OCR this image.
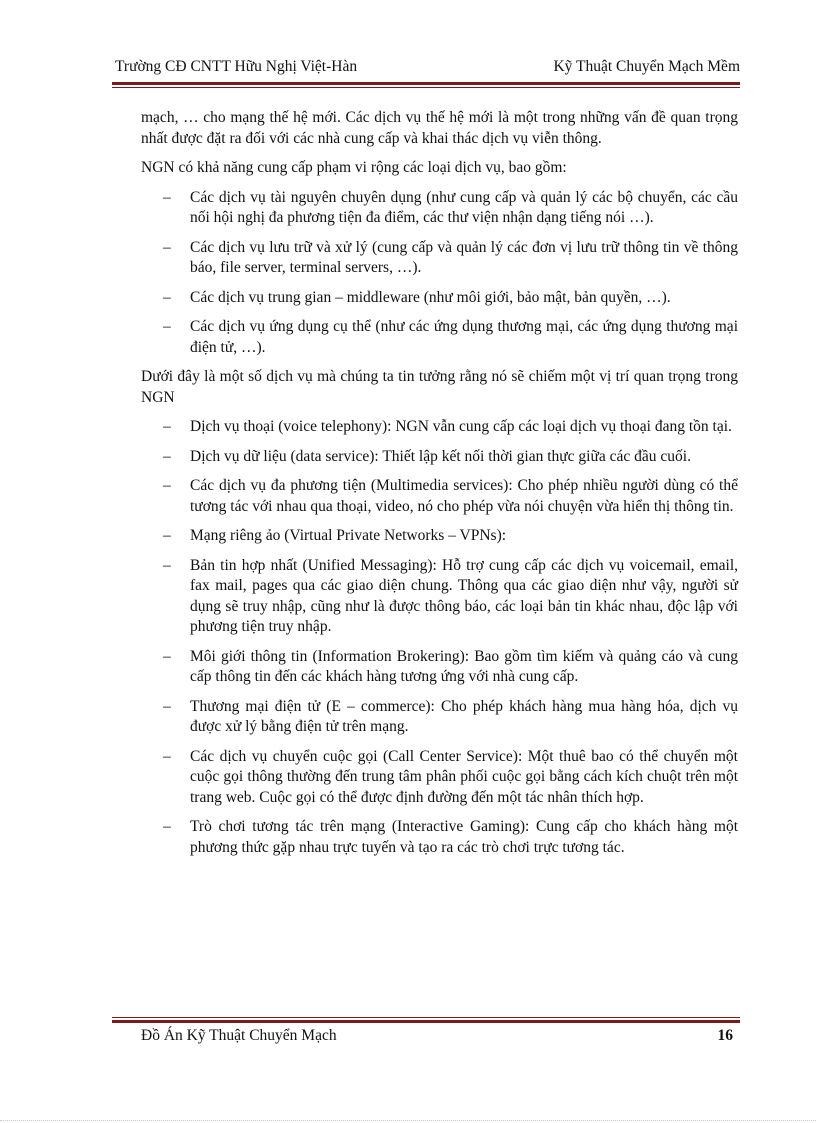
Trường CĐ CNTT Hữu Nghị Việt-Hàn	Kỹ Thuật Chuyển Mạch Mềm

mạch, … cho mạng thế hệ mới. Các dịch vụ thế hệ mới là một trong những vấn đề quan trọng nhất được đặt ra đối với các nhà cung cấp và khai thác dịch vụ viễn thông.

NGN có khả năng cung cấp phạm vi rộng các loại dịch vụ, bao gồm:

– Các dịch vụ tài nguyên chuyên dụng (như cung cấp và quản lý các bộ chuyển, các cầu nối hội nghị đa phương tiện đa điểm, các thư viện nhận dạng tiếng nói …).
– Các dịch vụ lưu trữ và xử lý (cung cấp và quản lý các đơn vị lưu trữ thông tin về thông báo, file server, terminal servers, …).
– Các dịch vụ trung gian – middleware (như môi giới, bảo mật, bản quyền, …).
– Các dịch vụ ứng dụng cụ thể (như các ứng dụng thương mại, các ứng dụng thương mại điện tử, …).

Dưới đây là một số dịch vụ mà chúng ta tin tưởng rằng nó sẽ chiếm một vị trí quan trọng trong NGN

– Dịch vụ thoại (voice telephony): NGN vẫn cung cấp các loại dịch vụ thoại đang tồn tại.
– Dịch vụ dữ liệu (data service): Thiết lập kết nối thời gian thực giữa các đầu cuối.
– Các dịch vụ đa phương tiện (Multimedia services): Cho phép nhiều người dùng có thể tương tác với nhau qua thoại, video, nó cho phép vừa nói chuyện vừa hiển thị thông tin.
– Mạng riêng ảo (Virtual Private Networks – VPNs):
– Bản tin hợp nhất (Unified Messaging): Hỗ trợ cung cấp các dịch vụ voicemail, email, fax mail, pages qua các giao diện chung. Thông qua các giao diện như vậy, người sử dụng sẽ truy nhập, cũng như là được thông báo, các loại bản tin khác nhau, độc lập với phương tiện truy nhập.
– Môi giới thông tin (Information Brokering): Bao gồm tìm kiếm và quảng cáo và cung cấp thông tin đến các khách hàng tương ứng với nhà cung cấp.
– Thương mại điện tử (E – commerce): Cho phép khách hàng mua hàng hóa, dịch vụ được xử lý bằng điện tử trên mạng.
– Các dịch vụ chuyển cuộc gọi (Call Center Service): Một thuê bao có thể chuyển một cuộc gọi thông thường đến trung tâm phân phối cuộc gọi bằng cách kích chuột trên một trang web. Cuộc gọi có thể được định đường đến một tác nhân thích hợp.
– Trò chơi tương tác trên mạng (Interactive Gaming): Cung cấp cho khách hàng một phương thức gặp nhau trực tuyến và tạo ra các trò chơi trực tương tác.
Đồ Án Kỹ Thuật Chuyển Mạch	16
